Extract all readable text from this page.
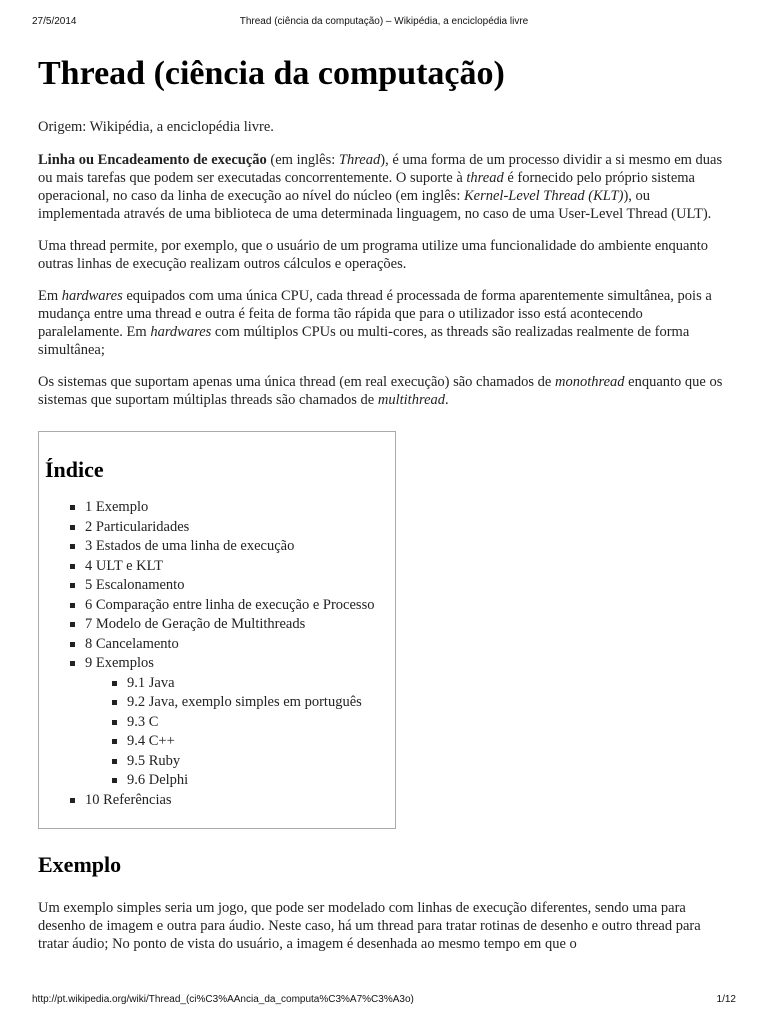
27/5/2014	Thread (ciência da computação) – Wikipédia, a enciclopédia livre
Thread (ciência da computação)
Origem: Wikipédia, a enciclopédia livre.

Linha ou Encadeamento de execução (em inglês: Thread), é uma forma de um processo dividir a si mesmo em duas ou mais tarefas que podem ser executadas concorrentemente. O suporte à thread é fornecido pelo próprio sistema operacional, no caso da linha de execução ao nível do núcleo (em inglês: Kernel-Level Thread (KLT)), ou implementada através de uma biblioteca de uma determinada linguagem, no caso de uma User-Level Thread (ULT).

Uma thread permite, por exemplo, que o usuário de um programa utilize uma funcionalidade do ambiente enquanto outras linhas de execução realizam outros cálculos e operações.

Em hardwares equipados com uma única CPU, cada thread é processada de forma aparentemente simultânea, pois a mudança entre uma thread e outra é feita de forma tão rápida que para o utilizador isso está acontecendo paralelamente. Em hardwares com múltiplos CPUs ou multi-cores, as threads são realizadas realmente de forma simultânea;

Os sistemas que suportam apenas uma única thread (em real execução) são chamados de monothread enquanto que os sistemas que suportam múltiplas threads são chamados de multithread.

Índice
1 Exemplo
2 Particularidades
3 Estados de uma linha de execução
4 ULT e KLT
5 Escalonamento
6 Comparação entre linha de execução e Processo
7 Modelo de Geração de Multithreads
8 Cancelamento
9 Exemplos
9.1 Java
9.2 Java, exemplo simples em português
9.3 C
9.4 C++
9.5 Ruby
9.6 Delphi
10 Referências
Exemplo

Um exemplo simples seria um jogo, que pode ser modelado com linhas de execução diferentes, sendo uma para desenho de imagem e outra para áudio. Neste caso, há um thread para tratar rotinas de desenho e outro thread para tratar áudio; No ponto de vista do usuário, a imagem é desenhada ao mesmo tempo em que o

http://pt.wikipedia.org/wiki/Thread_(ci%C3%AAncia_da_computa%C3%A7%C3%A3o)	1/12
